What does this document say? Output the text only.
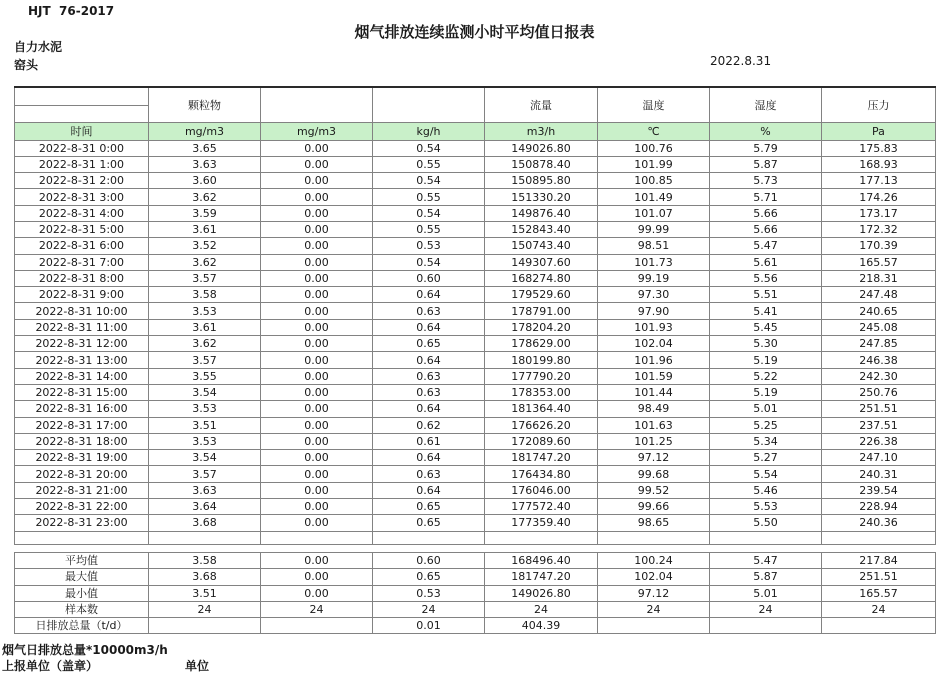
HJT  76-2017
烟气排放连续监测小时平均值日报表
自力水泥
窑头	2022.8.31
	颗粒物			流量	温度	湿度	压力

时间	mg/m3	mg/m3	kg/h	m3/h	℃	%	Pa
2022-8-31 0:00	3.65	0.00	0.54	149026.80	100.76	5.79	175.83
2022-8-31 1:00	3.63	0.00	0.55	150878.40	101.99	5.87	168.93
2022-8-31 2:00	3.60	0.00	0.54	150895.80	100.85	5.73	177.13
2022-8-31 3:00	3.62	0.00	0.55	151330.20	101.49	5.71	174.26
2022-8-31 4:00	3.59	0.00	0.54	149876.40	101.07	5.66	173.17
2022-8-31 5:00	3.61	0.00	0.55	152843.40	99.99	5.66	172.32
2022-8-31 6:00	3.52	0.00	0.53	150743.40	98.51	5.47	170.39
2022-8-31 7:00	3.62	0.00	0.54	149307.60	101.73	5.61	165.57
2022-8-31 8:00	3.57	0.00	0.60	168274.80	99.19	5.56	218.31
2022-8-31 9:00	3.58	0.00	0.64	179529.60	97.30	5.51	247.48
2022-8-31 10:00	3.53	0.00	0.63	178791.00	97.90	5.41	240.65
2022-8-31 11:00	3.61	0.00	0.64	178204.20	101.93	5.45	245.08
2022-8-31 12:00	3.62	0.00	0.65	178629.00	102.04	5.30	247.85
2022-8-31 13:00	3.57	0.00	0.64	180199.80	101.96	5.19	246.38
2022-8-31 14:00	3.55	0.00	0.63	177790.20	101.59	5.22	242.30
2022-8-31 15:00	3.54	0.00	0.63	178353.00	101.44	5.19	250.76
2022-8-31 16:00	3.53	0.00	0.64	181364.40	98.49	5.01	251.51
2022-8-31 17:00	3.51	0.00	0.62	176626.20	101.63	5.25	237.51
2022-8-31 18:00	3.53	0.00	0.61	172089.60	101.25	5.34	226.38
2022-8-31 19:00	3.54	0.00	0.64	181747.20	97.12	5.27	247.10
2022-8-31 20:00	3.57	0.00	0.63	176434.80	99.68	5.54	240.31
2022-8-31 21:00	3.63	0.00	0.64	176046.00	99.52	5.46	239.54
2022-8-31 22:00	3.64	0.00	0.65	177572.40	99.66	5.53	228.94
2022-8-31 23:00	3.68	0.00	0.65	177359.40	98.65	5.50	240.36

平均值	3.58	0.00	0.60	168496.40	100.24	5.47	217.84
最大值	3.68	0.00	0.65	181747.20	102.04	5.87	251.51
最小值	3.51	0.00	0.53	149026.80	97.12	5.01	165.57
样本数	24	24	24	24	24	24	24
日排放总量（t/d）			0.01	404.39			
烟气日排放总量*10000m3/h
上报单位（盖章）	单位
